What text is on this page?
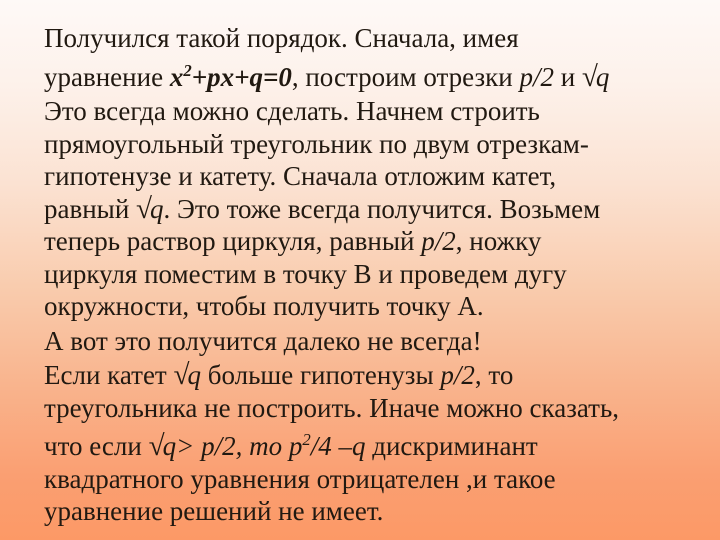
Получился такой порядок. Сначала, имея
уравнение $x^2+px+q=0$, построим отрезки p/2 и √q
Это всегда можно сделать. Начнем строить
прямоугольный треугольник по двум отрезкам-
гипотенузе и катету. Сначала отложим катет,
равный √q. Это тоже всегда получится. Возьмем
теперь раствор циркуля, равный p/2, ножку
циркуля поместим в точку В и проведем дугу
окружности, чтобы получить точку А.
А вот это получится далеко не всегда!
Если катет √q больше гипотенузы p/2, то
треугольника не построить. Иначе можно сказать,
что если √q> p/2, то $p^2/4$ –q дискриминант
квадратного уравнения отрицателен ,и такое
уравнение решений не имеет.
